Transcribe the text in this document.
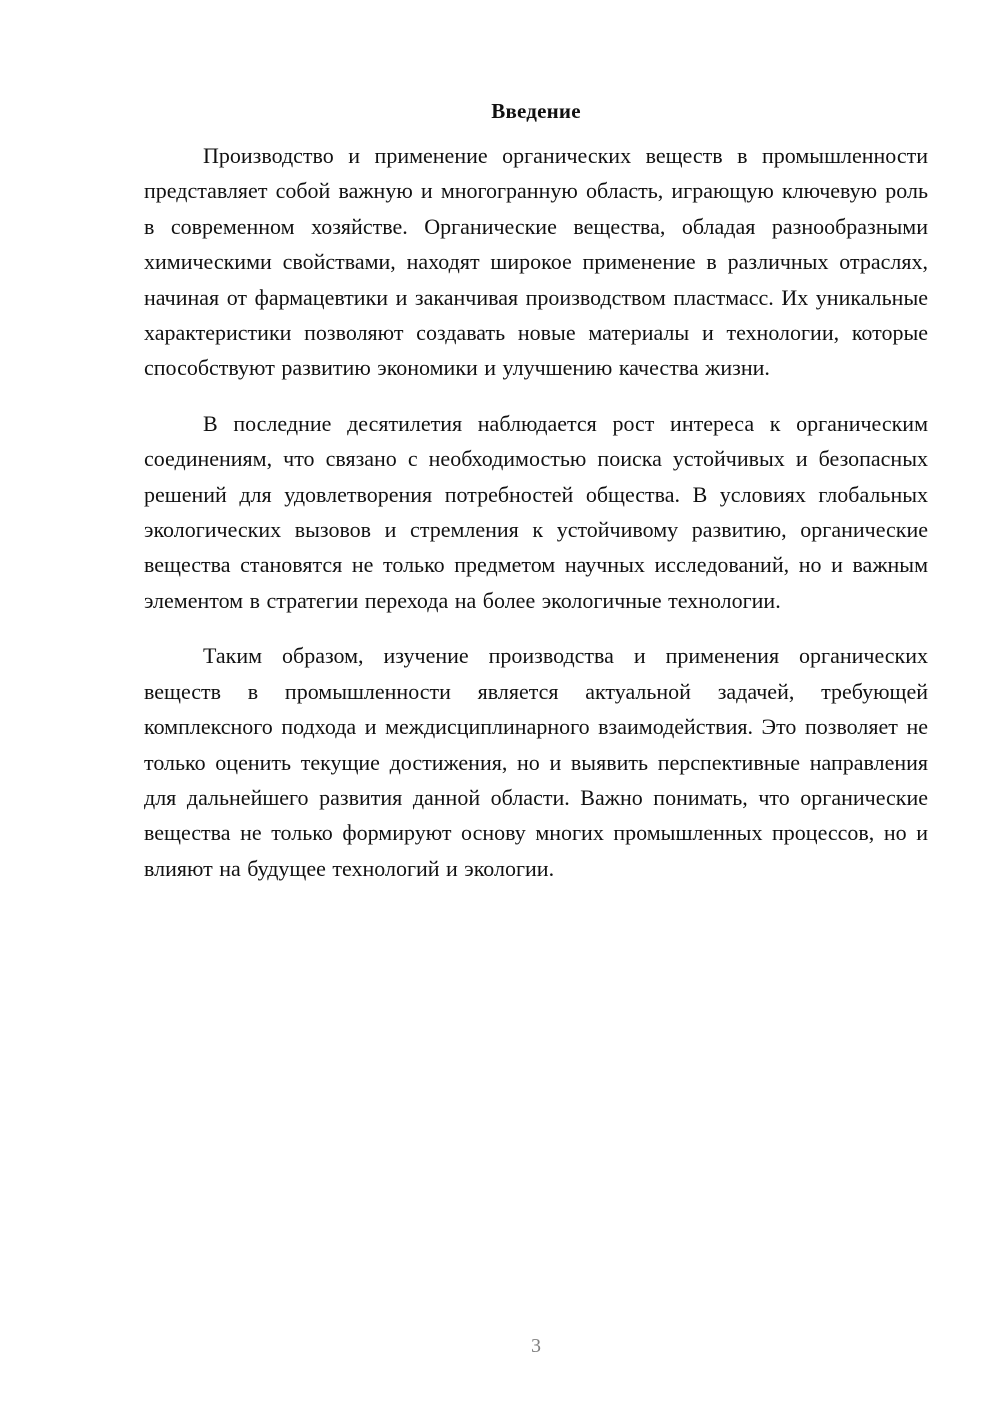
Введение

Производство и применение органических веществ в промышленности представляет собой важную и многогранную область, играющую ключевую роль в современном хозяйстве. Органические вещества, обладая разнообразными химическими свойствами, находят широкое применение в различных отраслях, начиная от фармацевтики и заканчивая производством пластмасс. Их уникальные характеристики позволяют создавать новые материалы и технологии, которые способствуют развитию экономики и улучшению качества жизни.

В последние десятилетия наблюдается рост интереса к органическим соединениям, что связано с необходимостью поиска устойчивых и безопасных решений для удовлетворения потребностей общества. В условиях глобальных экологических вызовов и стремления к устойчивому развитию, органические вещества становятся не только предметом научных исследований, но и важным элементом в стратегии перехода на более экологичные технологии.

Таким образом, изучение производства и применения органических веществ в промышленности является актуальной задачей, требующей комплексного подхода и междисциплинарного взаимодействия. Это позволяет не только оценить текущие достижения, но и выявить перспективные направления для дальнейшего развития данной области. Важно понимать, что органические вещества не только формируют основу многих промышленных процессов, но и влияют на будущее технологий и экологии.

3
